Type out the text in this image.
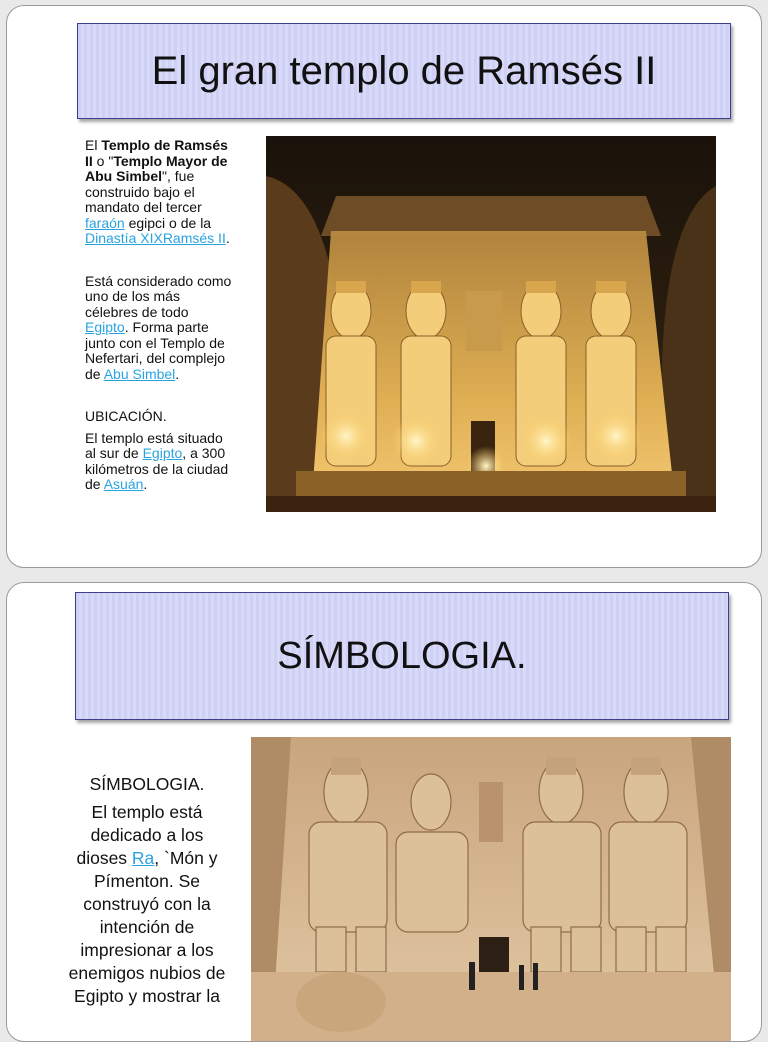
El gran templo de Ramsés II

El Templo de Ramsés II o "Templo Mayor de Abu Simbel", fue construido bajo el mandato del tercer faraón egipci o de la Dinastía XIXRamsés II.

Está considerado como uno de los más célebres de todo Egipto. Forma parte junto con el Templo de Nefertari, del complejo de Abu Simbel.

UBICACIÓN.

El templo está situado al sur de Egipto, a 300 kilómetros de la ciudad de Asuán.

SÍMBOLOGIA.

SÍMBOLOGIA.

El templo está dedicado a los dioses Ra, `Món y Pímenton. Se construyó con la intención de impresionar a los enemigos nubios de Egipto y mostrar la
